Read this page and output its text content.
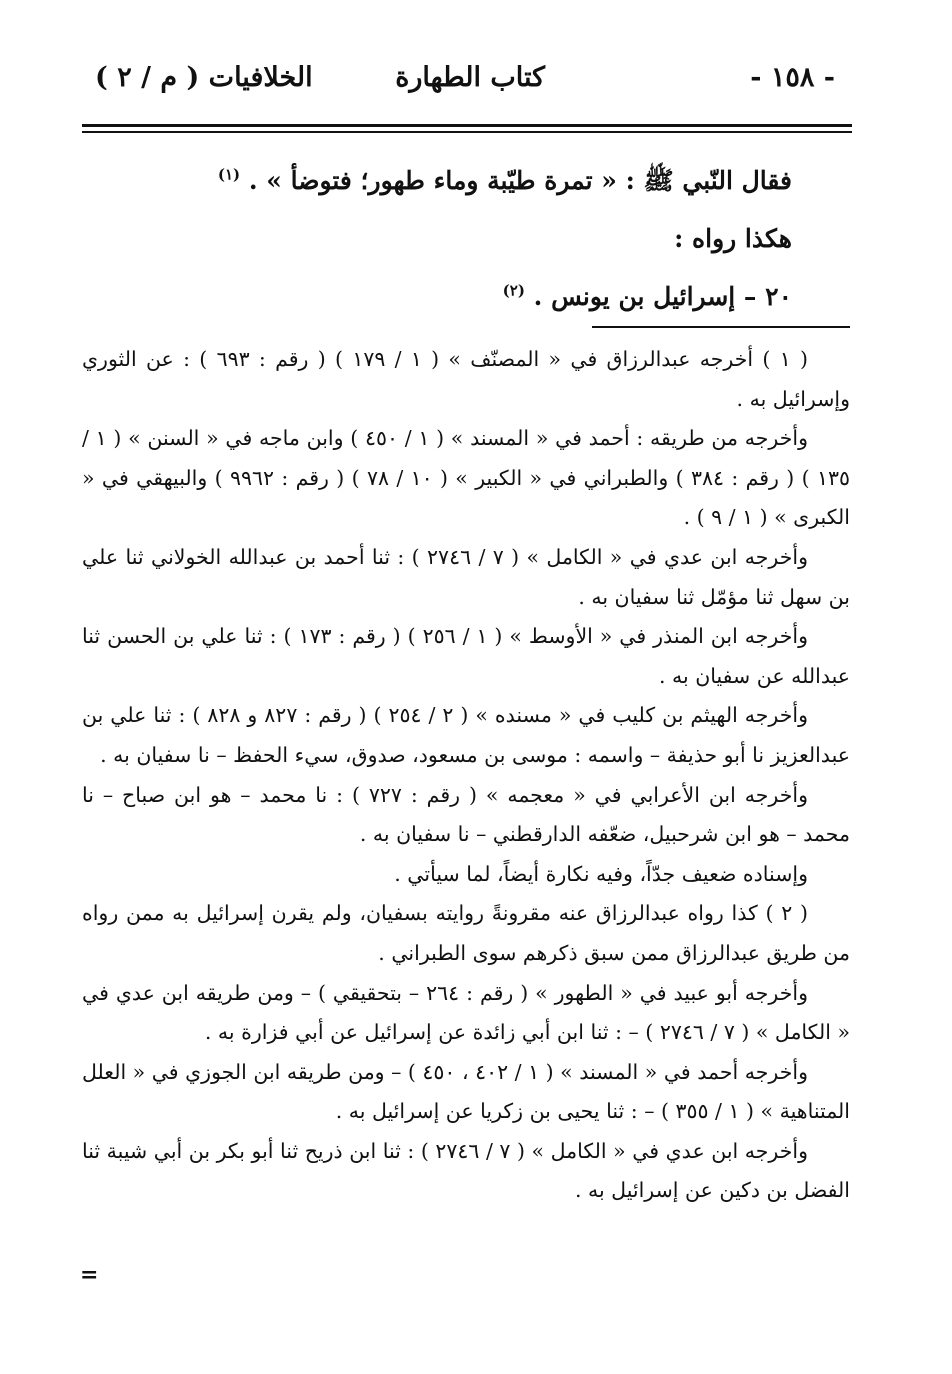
- ١٥٨ -
كتاب الطهارة
الخلافيات ( م / ٢ )

فقال النّبي ﷺ : « تمرة طيّبة وماء طهور؛ فتوضأ » . $^{(١)}$

هكذا رواه :

٢٠ – إسرائيل بن يونس . $^{(٢)}$

( ١ ) أخرجه عبدالرزاق في « المصنّف » ( ١ / ١٧٩ ) ( رقم : ٦٩٣ ) : عن الثوري وإسرائيل به .

وأخرجه من طريقه : أحمد في « المسند » ( ١ / ٤٥٠ ) وابن ماجه في « السنن » ( ١ / ١٣٥ ) ( رقم : ٣٨٤ ) والطبراني في « الكبير » ( ١٠ / ٧٨ ) ( رقم : ٩٩٦٢ ) والبيهقي في « الكبرى » ( ١ / ٩ ) .

وأخرجه ابن عدي في « الكامل » ( ٧ / ٢٧٤٦ ) : ثنا أحمد بن عبدالله الخولاني ثنا علي بن سهل ثنا مؤمّل ثنا سفيان به .

وأخرجه ابن المنذر في « الأوسط » ( ١ / ٢٥٦ ) ( رقم : ١٧٣ ) : ثنا علي بن الحسن ثنا عبدالله عن سفيان به .

وأخرجه الهيثم بن كليب في « مسنده » ( ٢ / ٢٥٤ ) ( رقم : ٨٢٧ و ٨٢٨ ) : ثنا علي بن عبدالعزيز نا أبو حذيفة – واسمه : موسى بن مسعود، صدوق، سيء الحفظ – نا سفيان به .

وأخرجه ابن الأعرابي في « معجمه » ( رقم : ٧٢٧ ) : نا محمد – هو ابن صباح – نا محمد – هو ابن شرحبيل، ضعّفه الدارقطني – نا سفيان به .

وإسناده ضعيف جدّاً، وفيه نكارة أيضاً، لما سيأتي .

( ٢ ) كذا رواه عبدالرزاق عنه مقرونةً روايته بسفيان، ولم يقرن إسرائيل به ممن رواه من طريق عبدالرزاق ممن سبق ذكرهم سوى الطبراني .

وأخرجه أبو عبيد في « الطهور » ( رقم : ٢٦٤ – بتحقيقي ) – ومن طريقه ابن عدي في « الكامل » ( ٧ / ٢٧٤٦ ) – : ثنا ابن أبي زائدة عن إسرائيل عن أبي فزارة به .

وأخرجه أحمد في « المسند » ( ١ / ٤٠٢ ، ٤٥٠ ) – ومن طريقه ابن الجوزي في « العلل المتناهية » ( ١ / ٣٥٥ ) – : ثنا يحيى بن زكريا عن إسرائيل به .

وأخرجه ابن عدي في « الكامل » ( ٧ / ٢٧٤٦ ) : ثنا ابن ذريح ثنا أبو بكر بن أبي شيبة ثنا الفضل بن دكين عن إسرائيل به .

=
